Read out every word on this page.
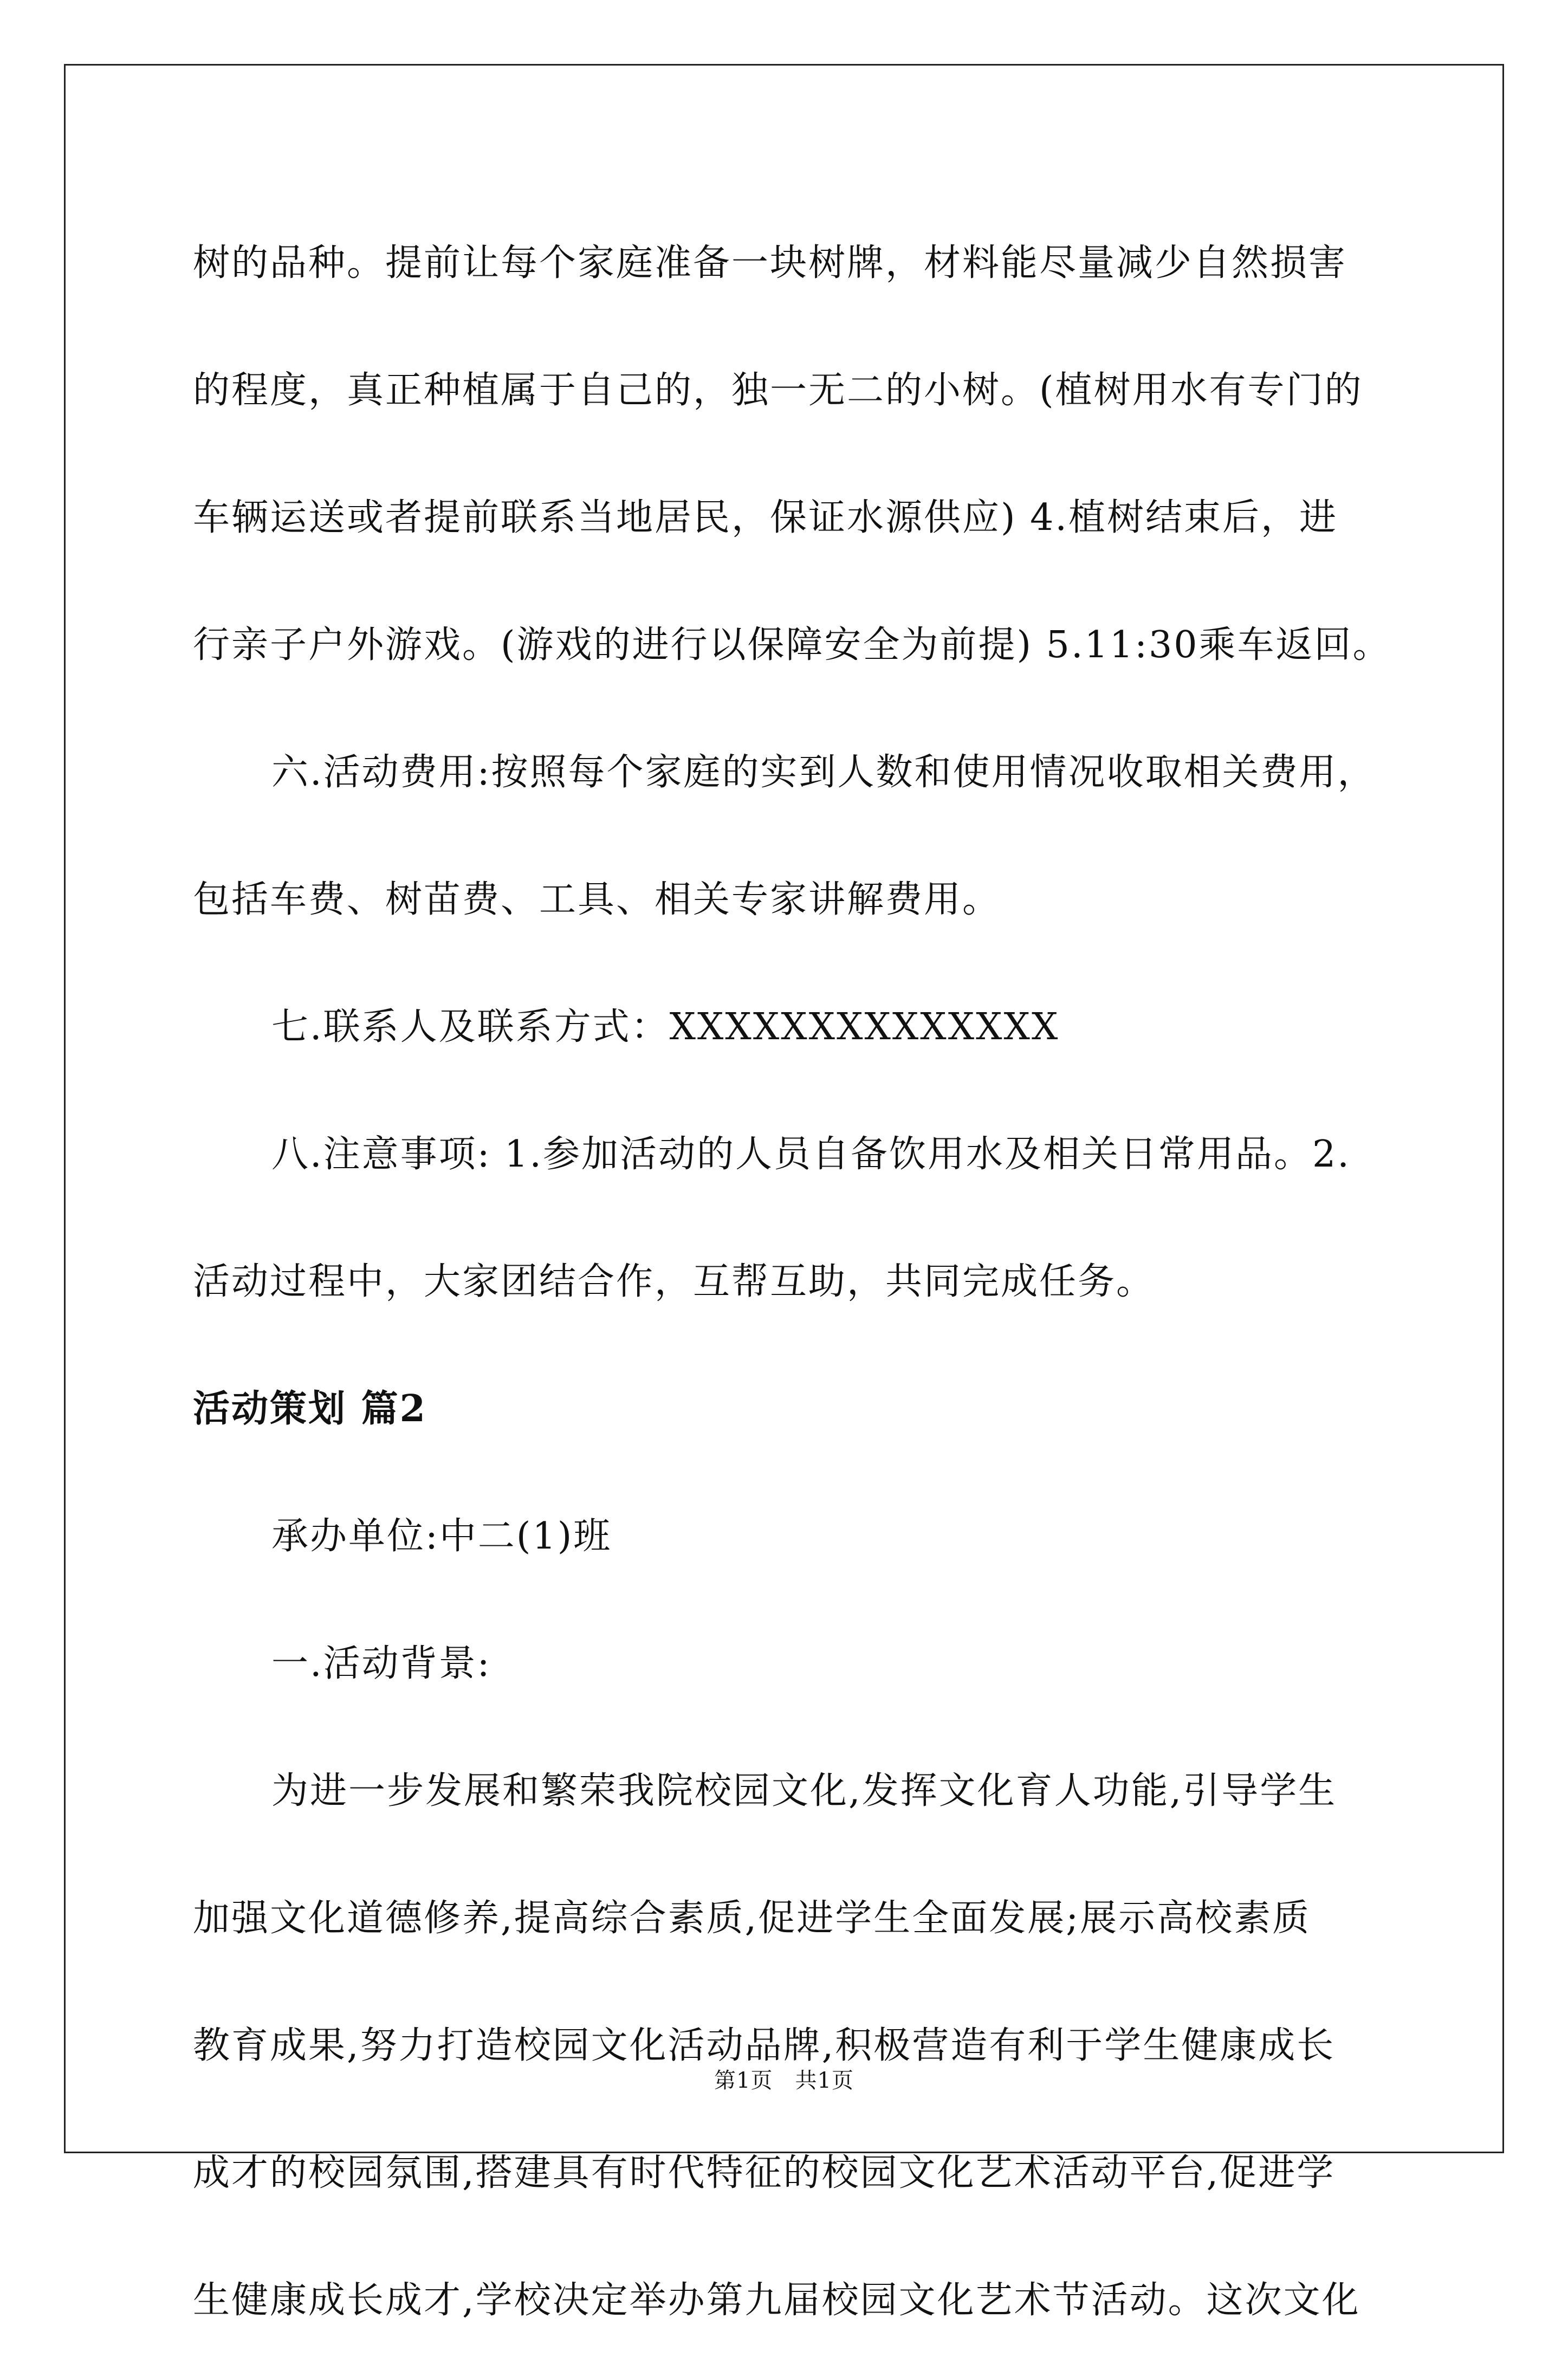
树的品种。提前让每个家庭准备一块树牌，材料能尽量减少自然损害
的程度，真正种植属于自己的，独一无二的小树。(植树用水有专门的
车辆运送或者提前联系当地居民，保证水源供应) 4.植树结束后，进
行亲子户外游戏。(游戏的进行以保障安全为前提) 5.11:30乘车返回。

六.活动费用:按照每个家庭的实到人数和使用情况收取相关费用，
包括车费、树苗费、工具、相关专家讲解费用。

七.联系人及联系方式：XXXXXXXXXXXXXX

八.注意事项: 1.参加活动的人员自备饮用水及相关日常用品。2.
活动过程中，大家团结合作，互帮互助，共同完成任务。

活动策划 篇2

承办单位:中二(1)班

一.活动背景:

为进一步发展和繁荣我院校园文化,发挥文化育人功能,引导学生
加强文化道德修养,提高综合素质,促进学生全面发展;展示高校素质
教育成果,努力打造校园文化活动品牌,积极营造有利于学生健康成长
成才的校园氛围,搭建具有时代特征的校园文化艺术活动平台,促进学
生健康成长成才,学校决定举办第九届校园文化艺术节活动。这次文化

第1页　共1页
